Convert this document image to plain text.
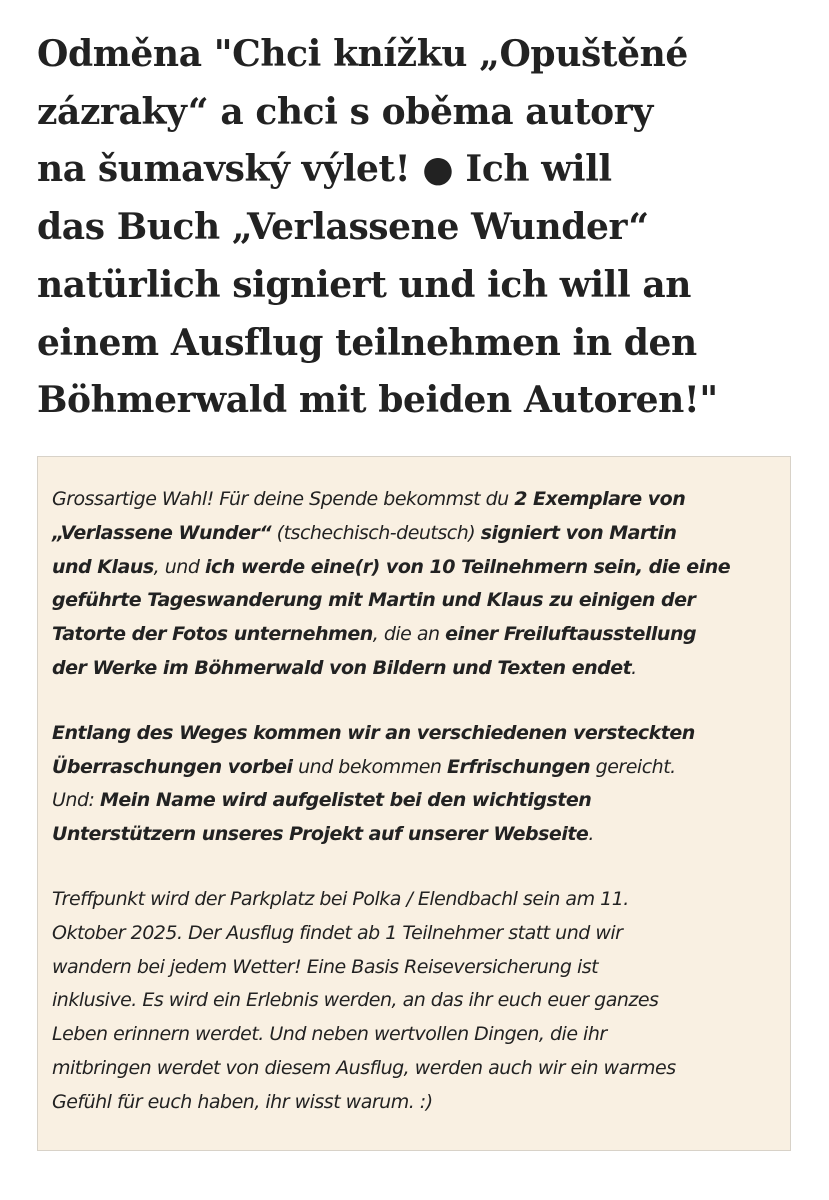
Odměna "Chci knížku „Opuštěné
zázraky“ a chci s oběma autory
na šumavský výlet! ● Ich will
das Buch „Verlassene Wunder“
natürlich signiert und ich will an
einem Ausflug teilnehmen in den
Böhmerwald mit beiden Autoren!"

Grossartige Wahl! Für deine Spende bekommst du 2 Exemplare von
„Verlassene Wunder“ (tschechisch-deutsch) signiert von Martin
und Klaus, und ich werde eine(r) von 10 Teilnehmern sein, die eine
geführte Tageswanderung mit Martin und Klaus zu einigen der
Tatorte der Fotos unternehmen, die an einer Freiluftausstellung
der Werke im Böhmerwald von Bildern und Texten endet.

Entlang des Weges kommen wir an verschiedenen versteckten
Überraschungen vorbei und bekommen Erfrischungen gereicht.
Und: Mein Name wird aufgelistet bei den wichtigsten
Unterstützern unseres Projekt auf unserer Webseite.

Treffpunkt wird der Parkplatz bei Polka / Elendbachl sein am 11.
Oktober 2025. Der Ausflug findet ab 1 Teilnehmer statt und wir
wandern bei jedem Wetter! Eine Basis Reiseversicherung ist
inklusive. Es wird ein Erlebnis werden, an das ihr euch euer ganzes
Leben erinnern werdet. Und neben wertvollen Dingen, die ihr
mitbringen werdet von diesem Ausflug, werden auch wir ein warmes
Gefühl für euch haben, ihr wisst warum. :)
